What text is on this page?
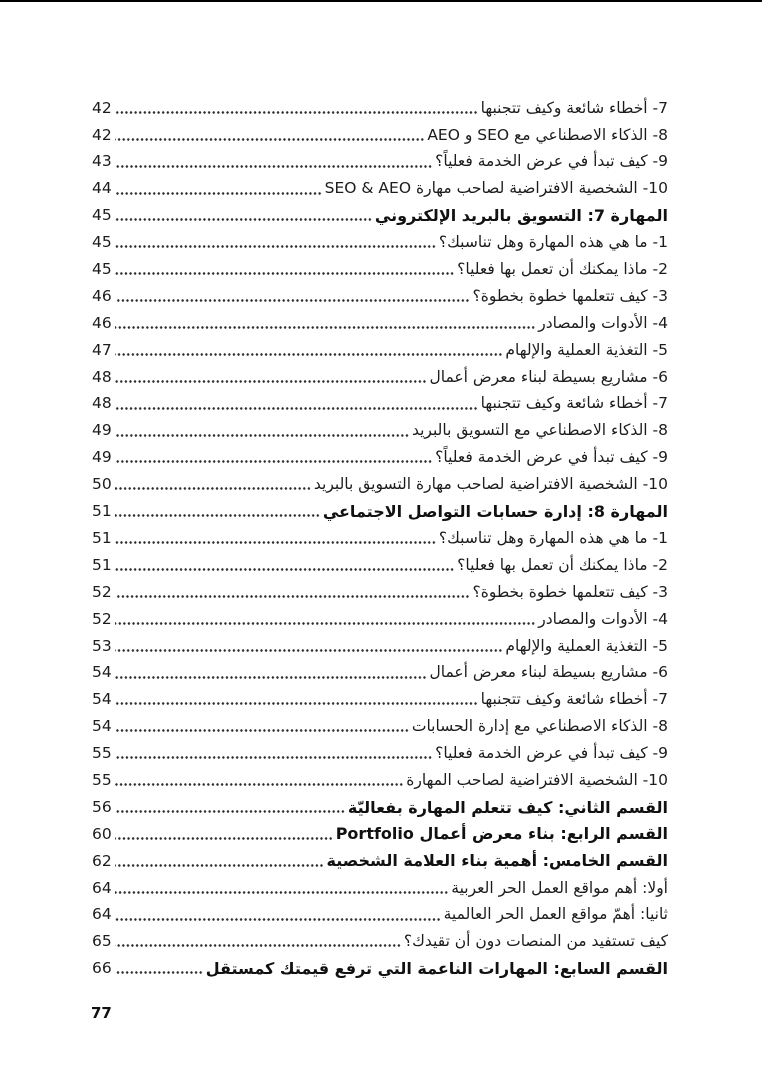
7- أخطاء شائعة وكيف تتجنبها
42
8- الذكاء الاصطناعي مع SEO و AEO
42
9- كيف تبدأ في عرض الخدمة فعلياً؟
43
10- الشخصية الافتراضية لصاحب مهارة SEO & AEO
44
المهارة 7: التسويق بالبريد الإلكتروني
45
1- ما هي هذه المهارة وهل تناسبك؟
45
2- ماذا يمكنك أن تعمل بها فعليا؟
45
3- كيف تتعلمها خطوة بخطوة؟
46
4- الأدوات والمصادر
46
5- التغذية العملية والإلهام
47
6- مشاريع بسيطة لبناء معرض أعمال
48
7- أخطاء شائعة وكيف تتجنبها
48
8- الذكاء الاصطناعي مع التسويق بالبريد
49
9- كيف تبدأ في عرض الخدمة فعلياً؟
49
10- الشخصية الافتراضية لصاحب مهارة التسويق بالبريد
50
المهارة 8: إدارة حسابات التواصل الاجتماعي
51
1- ما هي هذه المهارة وهل تناسبك؟
51
2- ماذا يمكنك أن تعمل بها فعليا؟
51
3- كيف تتعلمها خطوة بخطوة؟
52
4- الأدوات والمصادر
52
5- التغذية العملية والإلهام
53
6- مشاريع بسيطة لبناء معرض أعمال
54
7- أخطاء شائعة وكيف تتجنبها
54
8- الذكاء الاصطناعي مع إدارة الحسابات
54
9- كيف تبدأ في عرض الخدمة فعليا؟
55
10- الشخصية الافتراضية لصاحب المهارة
55
القسم الثاني: كيف تتعلم المهارة بفعاليّة
56
القسم الرابع: بناء معرض أعمال Portfolio
60
القسم الخامس: أهمية بناء العلامة الشخصية
62
أولا: أهم مواقع العمل الحر العربية
64
ثانيا: أهمّ مواقع العمل الحر العالمية
64
كيف تستفيد من المنصات دون أن تقيدك؟
65
القسم السابع: المهارات الناعمة التي ترفع قيمتك كمستقل
66
77
